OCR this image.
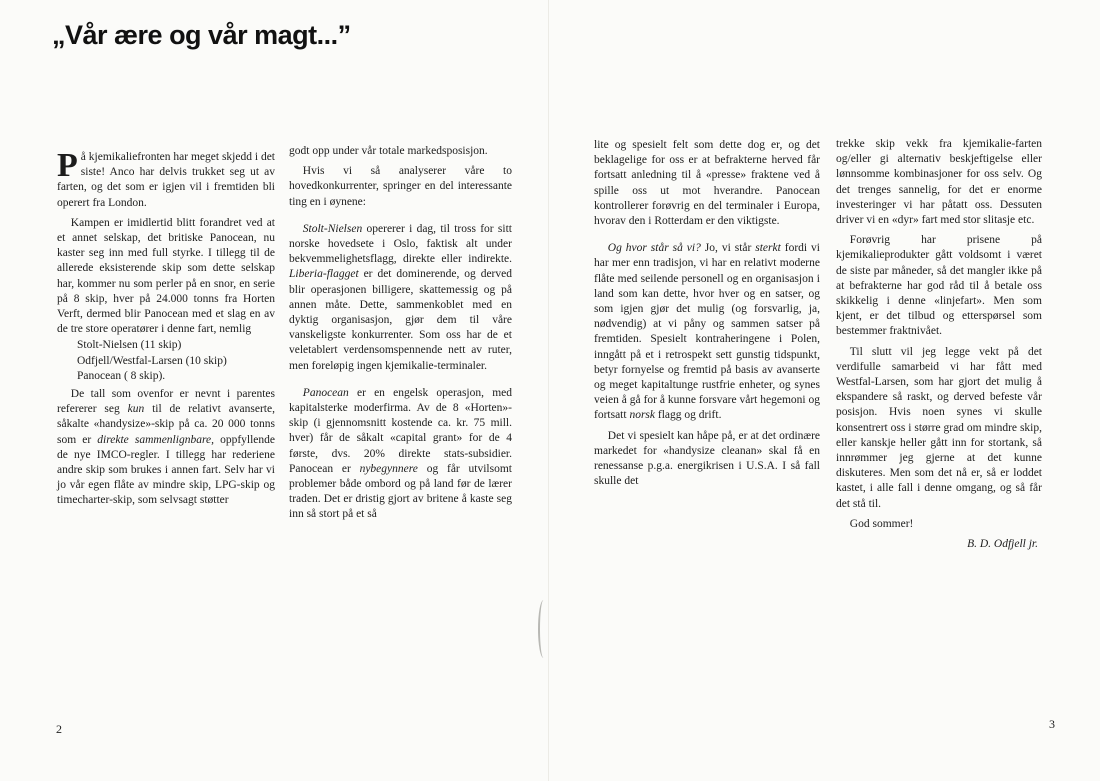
„Vår ære og vår magt...”

På kjemikaliefronten har meget skjedd i det siste! Anco har delvis trukket seg ut av farten, og det som er igjen vil i fremtiden bli operert fra London.

Kampen er imidlertid blitt forandret ved at et annet selskap, det britiske Panocean, nu kaster seg inn med full styrke. I tillegg til de allerede eksisterende skip som dette selskap har, kommer nu som perler på en snor, en serie på 8 skip, hver på 24.000 tonns fra Horten Verft, dermed blir Panocean med et slag en av de tre store operatører i denne fart, nemlig

Stolt-Nielsen (11 skip)
Odfjell/Westfal-Larsen (10 skip)
Panocean ( 8 skip).

De tall som ovenfor er nevnt i parentes refererer seg kun til de relativt avanserte, såkalte «handysize»-skip på ca. 20 000 tonns som er direkte sammenlignbare, oppfyllende de nye IMCO-regler. I tillegg har rederiene andre skip som brukes i annen fart. Selv har vi jo vår egen flåte av mindre skip, LPG-skip og timecharter-skip, som selvsagt støtter

godt opp under vår totale markedsposisjon.

Hvis vi så analyserer våre to hovedkonkurrenter, springer en del interessante ting en i øynene:

Stolt-Nielsen opererer i dag, til tross for sitt norske hovedsete i Oslo, faktisk alt under bekvemmelighetsflagg, direkte eller indirekte. Liberia-flagget er det dominerende, og derved blir operasjonen billigere, skattemessig og på annen måte. Dette, sammenkoblet med en dyktig organisasjon, gjør dem til våre vanskeligste konkurrenter. Som oss har de et veletablert verdensomspennende nett av ruter, men foreløpig ingen kjemikalie-terminaler.

Panocean er en engelsk operasjon, med kapitalsterke moderfirma. Av de 8 «Horten»-skip (i gjennomsnitt kostende ca. kr. 75 mill. hver) får de såkalt «capital grant» for de 4 første, dvs. 20% direkte stats-subsidier. Panocean er nybegynnere og får utvilsomt problemer både ombord og på land før de lærer traden. Det er dristig gjort av britene å kaste seg inn så stort på et så

lite og spesielt felt som dette dog er, og det beklagelige for oss er at befrakterne herved får fortsatt anledning til å «presse» fraktene ved å spille oss ut mot hverandre. Panocean kontrollerer forøvrig en del terminaler i Europa, hvorav den i Rotterdam er den viktigste.

Og hvor står så vi? Jo, vi står sterkt fordi vi har mer enn tradisjon, vi har en relativt moderne flåte med seilende personell og en organisasjon i land som kan dette, hvor hver og en satser, og som igjen gjør det mulig (og forsvarlig, ja, nødvendig) at vi påny og sammen satser på fremtiden. Spesielt kontraheringene i Polen, inngått på et i retrospekt sett gunstig tidspunkt, betyr fornyelse og fremtid på basis av avanserte og meget kapitaltunge rustfrie enheter, og synes veien å gå for å kunne forsvare vårt hegemoni og fortsatt norsk flagg og drift.

Det vi spesielt kan håpe på, er at det ordinære markedet for «handysize cleanan» skal få en renessanse p.g.a. energikrisen i U.S.A. I så fall skulle det

trekke skip vekk fra kjemikalie-farten og/eller gi alternativ beskjeftigelse eller lønnsomme kombinasjoner for oss selv. Og det trenges sannelig, for det er enorme investeringer vi har påtatt oss. Dessuten driver vi en «dyr» fart med stor slitasje etc.

Forøvrig har prisene på kjemikalieprodukter gått voldsomt i været de siste par måneder, så det mangler ikke på at befrakterne har god råd til å betale oss skikkelig i denne «linjefart». Men som kjent, er det tilbud og etterspørsel som bestemmer fraktnivået.

Til slutt vil jeg legge vekt på det verdifulle samarbeid vi har fått med Westfal-Larsen, som har gjort det mulig å ekspandere så raskt, og derved befeste vår posisjon. Hvis noen synes vi skulle konsentrert oss i større grad om mindre skip, eller kanskje heller gått inn for stortank, så innrømmer jeg gjerne at det kunne diskuteres. Men som det nå er, så er loddet kastet, i alle fall i denne omgang, og så får det stå til.

God sommer!

B. D. Odfjell jr.

2	3
